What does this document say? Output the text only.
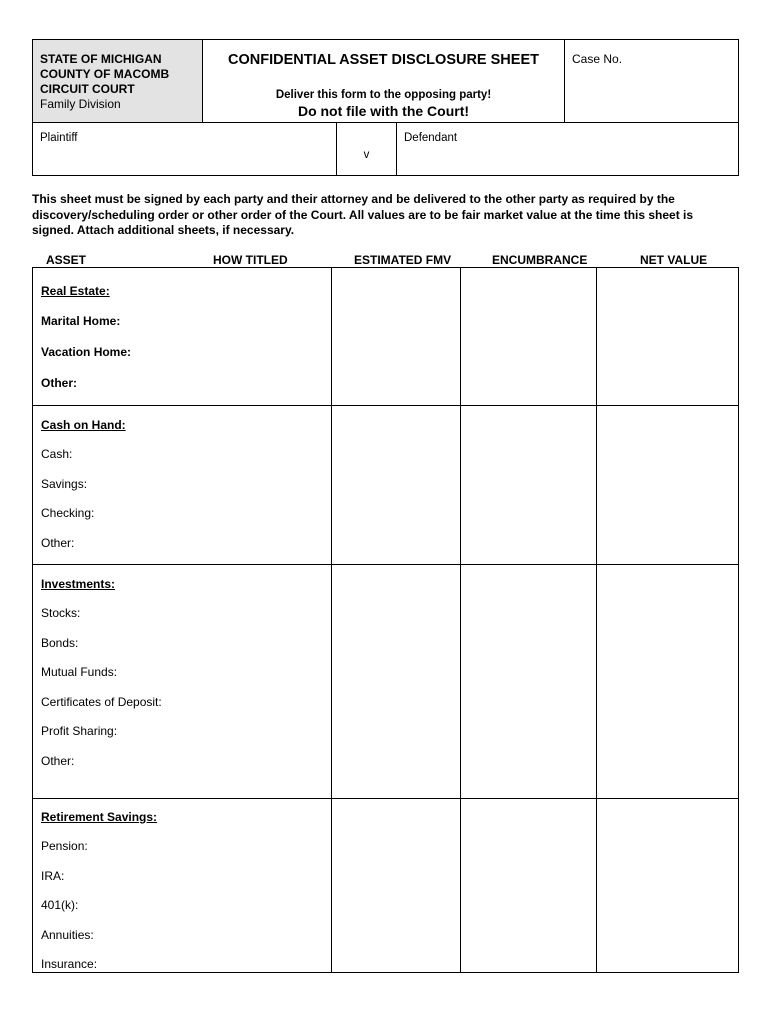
STATE OF MICHIGAN
COUNTY OF MACOMB
CIRCUIT COURT
Family Division
CONFIDENTIAL ASSET DISCLOSURE SHEET
Deliver this form to the opposing party!
Do not file with the Court!
Case No.
Plaintiff
v
Defendant
This sheet must be signed by each party and their attorney and be delivered to the other party as required by the discovery/scheduling order or other order of the Court. All values are to be fair market value at the time this sheet is signed. Attach additional sheets, if necessary.
ASSET	HOW TITLED	ESTIMATED FMV	ENCUMBRANCE	NET VALUE
Real Estate:
Marital Home:
Vacation Home:
Other:
Cash on Hand:
Cash:
Savings:
Checking:
Other:
Investments:
Stocks:
Bonds:
Mutual Funds:
Certificates of Deposit:
Profit Sharing:
Other:
Retirement Savings:
Pension:
IRA:
401(k):
Annuities:
Insurance:
